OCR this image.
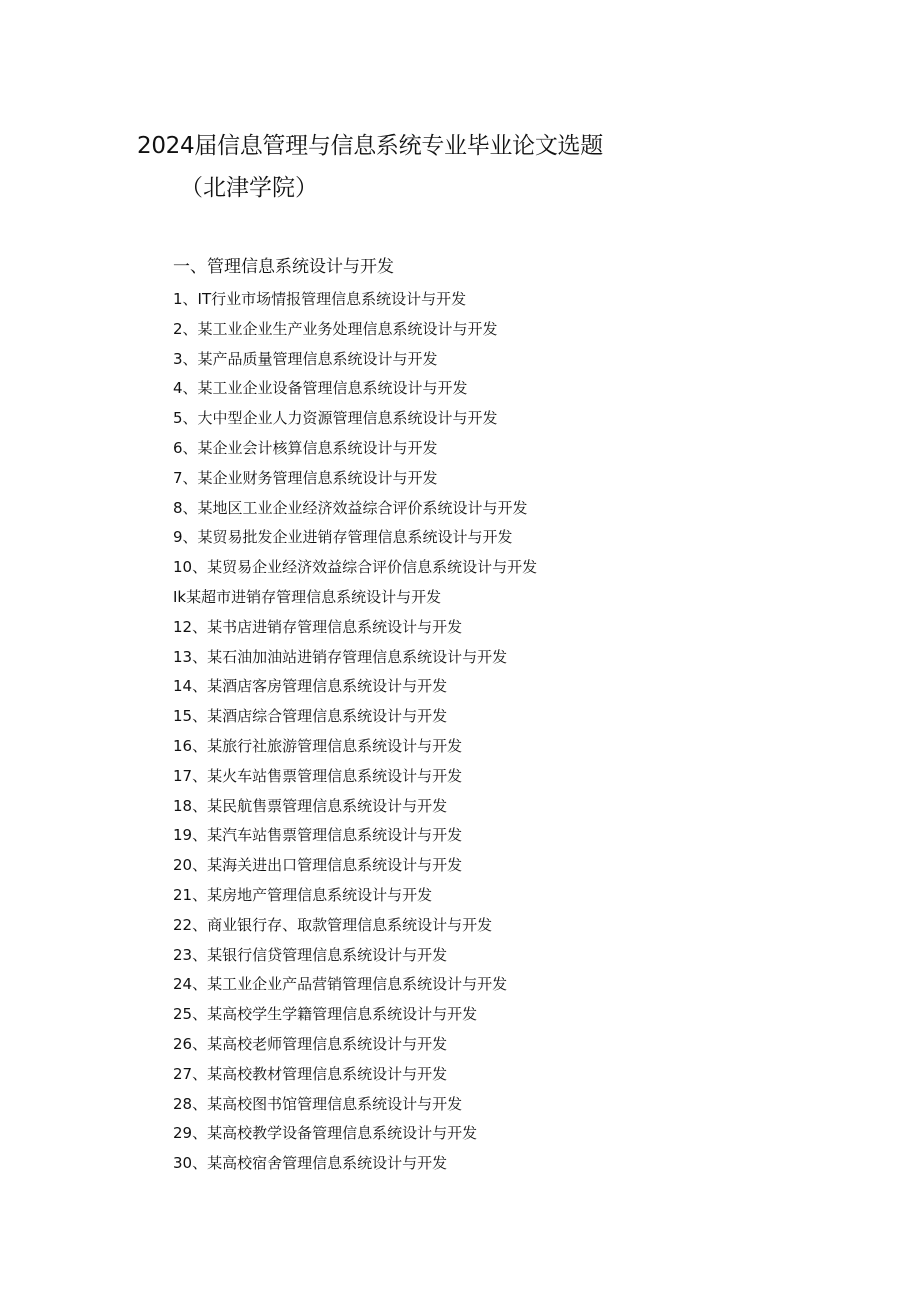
2024届信息管理与信息系统专业毕业论文选题
（北津学院）
一、管理信息系统设计与开发
1、IT行业市场情报管理信息系统设计与开发
2、某工业企业生产业务处理信息系统设计与开发
3、某产品质量管理信息系统设计与开发
4、某工业企业设备管理信息系统设计与开发
5、大中型企业人力资源管理信息系统设计与开发
6、某企业会计核算信息系统设计与开发
7、某企业财务管理信息系统设计与开发
8、某地区工业企业经济效益综合评价系统设计与开发
9、某贸易批发企业进销存管理信息系统设计与开发
10、某贸易企业经济效益综合评价信息系统设计与开发
Ik某超市进销存管理信息系统设计与开发
12、某书店进销存管理信息系统设计与开发
13、某石油加油站进销存管理信息系统设计与开发
14、某酒店客房管理信息系统设计与开发
15、某酒店综合管理信息系统设计与开发
16、某旅行社旅游管理信息系统设计与开发
17、某火车站售票管理信息系统设计与开发
18、某民航售票管理信息系统设计与开发
19、某汽车站售票管理信息系统设计与开发
20、某海关进出口管理信息系统设计与开发
21、某房地产管理信息系统设计与开发
22、商业银行存、取款管理信息系统设计与开发
23、某银行信贷管理信息系统设计与开发
24、某工业企业产品营销管理信息系统设计与开发
25、某高校学生学籍管理信息系统设计与开发
26、某高校老师管理信息系统设计与开发
27、某高校教材管理信息系统设计与开发
28、某高校图书馆管理信息系统设计与开发
29、某高校教学设备管理信息系统设计与开发
30、某高校宿舍管理信息系统设计与开发
